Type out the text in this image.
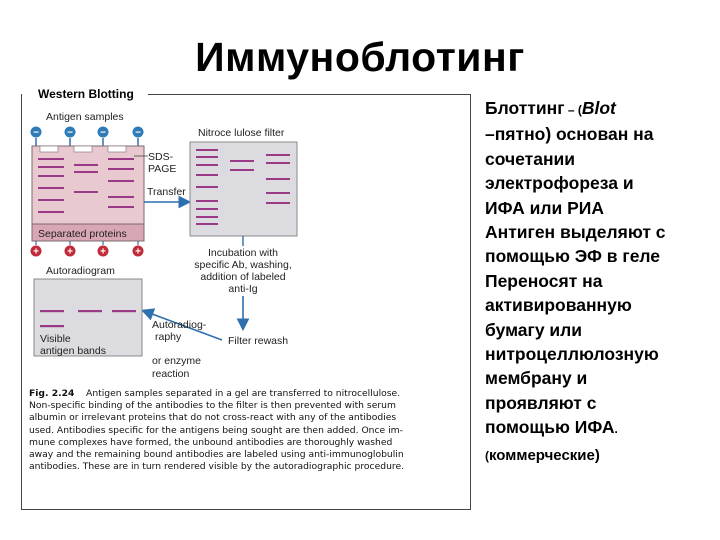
Иммуноблотинг
Western Blotting
Antigen samples
−	−	−	−
Separated proteins
SDS-
PAGE
Transfer
+	+	+	+
Nitroce lulose filter
Incubation with
specific Ab, washing,
addition of labeled
anti-Ig
Filter rewash
Autoradiogram
Visible
antigen bands
Autoradiog-
raphy
or enzyme
reaction
Fig. 2.24 Antigen samples separated in a gel are transferred to nitrocellulose.
Non-specific binding of the antibodies to the filter is then prevented with serum
albumin or irrelevant proteins that do not cross-react with any of the antibodies
used. Antibodies specific for the antigens being sought are then added. Once im-
mune complexes have formed, the unbound antibodies are thoroughly washed
away and the remaining bound antibodies are labeled using anti-immunoglobulin
antibodies. These are in turn rendered visible by the autoradiographic procedure.
Блоттинг – (Blot
–пятно) основан на
сочетании
электрофореза и
ИФА или РИА
Антиген выделяют с
помощью ЭФ в геле
Переносят на
активированную
бумагу или
нитроцеллюлозную
мембрану и
проявляют с
помощью ИФА.
(коммерческие)
